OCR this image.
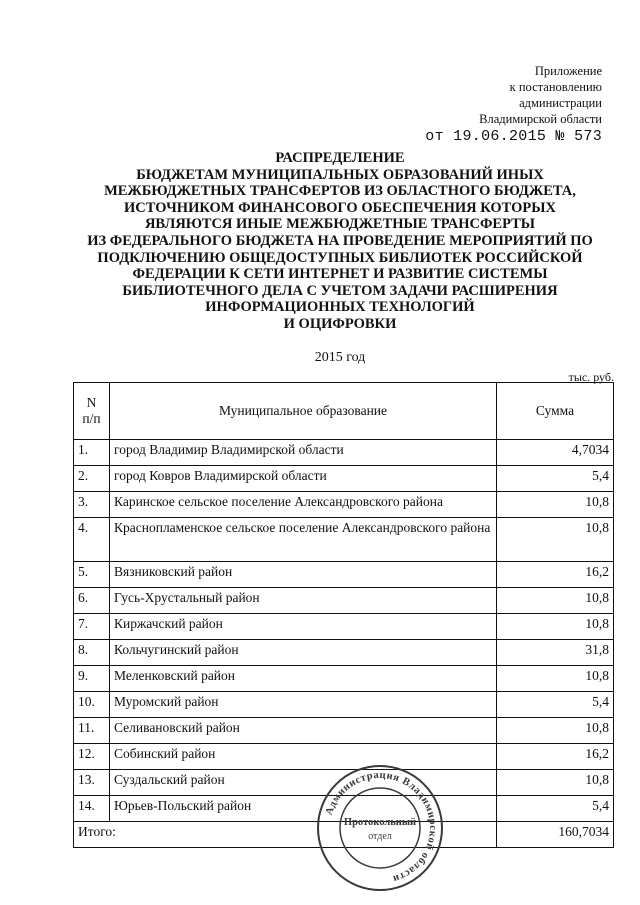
Приложение
к постановлению
администрации
Владимирской области
от 19.06.2015 № 573
РАСПРЕДЕЛЕНИЕ
БЮДЖЕТАМ МУНИЦИПАЛЬНЫХ ОБРАЗОВАНИЙ ИНЫХ
МЕЖБЮДЖЕТНЫХ ТРАНСФЕРТОВ ИЗ ОБЛАСТНОГО БЮДЖЕТА,
ИСТОЧНИКОМ ФИНАНСОВОГО ОБЕСПЕЧЕНИЯ КОТОРЫХ
ЯВЛЯЮТСЯ ИНЫЕ МЕЖБЮДЖЕТНЫЕ ТРАНСФЕРТЫ
ИЗ ФЕДЕРАЛЬНОГО БЮДЖЕТА НА ПРОВЕДЕНИЕ МЕРОПРИЯТИЙ ПО
ПОДКЛЮЧЕНИЮ ОБЩЕДОСТУПНЫХ БИБЛИОТЕК РОССИЙСКОЙ
ФЕДЕРАЦИИ К СЕТИ ИНТЕРНЕТ И РАЗВИТИЕ СИСТЕМЫ
БИБЛИОТЕЧНОГО ДЕЛА С УЧЕТОМ ЗАДАЧИ РАСШИРЕНИЯ
ИНФОРМАЦИОННЫХ ТЕХНОЛОГИЙ
И ОЦИФРОВКИ
2015 год
тыс. руб.
N
п/п	Муниципальное образование	Сумма
1.	город Владимир Владимирской области	4,7034
2.	город Ковров Владимирской области	5,4
3.	Каринское сельское поселение Александровского района	10,8
4.	Краснопламенское сельское поселение Александровского района	10,8
5.	Вязниковский район	16,2
6.	Гусь-Хрустальный район	10,8
7.	Киржачский район	10,8
8.	Кольчугинский район	31,8
9.	Меленковский район	10,8
10.	Муромский район	5,4
11.	Селивановский район	10,8
12.	Собинский район	16,2
13.	Суздальский район	10,8
14.	Юрьев-Польский район	5,4
Итого:		160,7034
Администрация Владимирской области
Протокольный
отдел
